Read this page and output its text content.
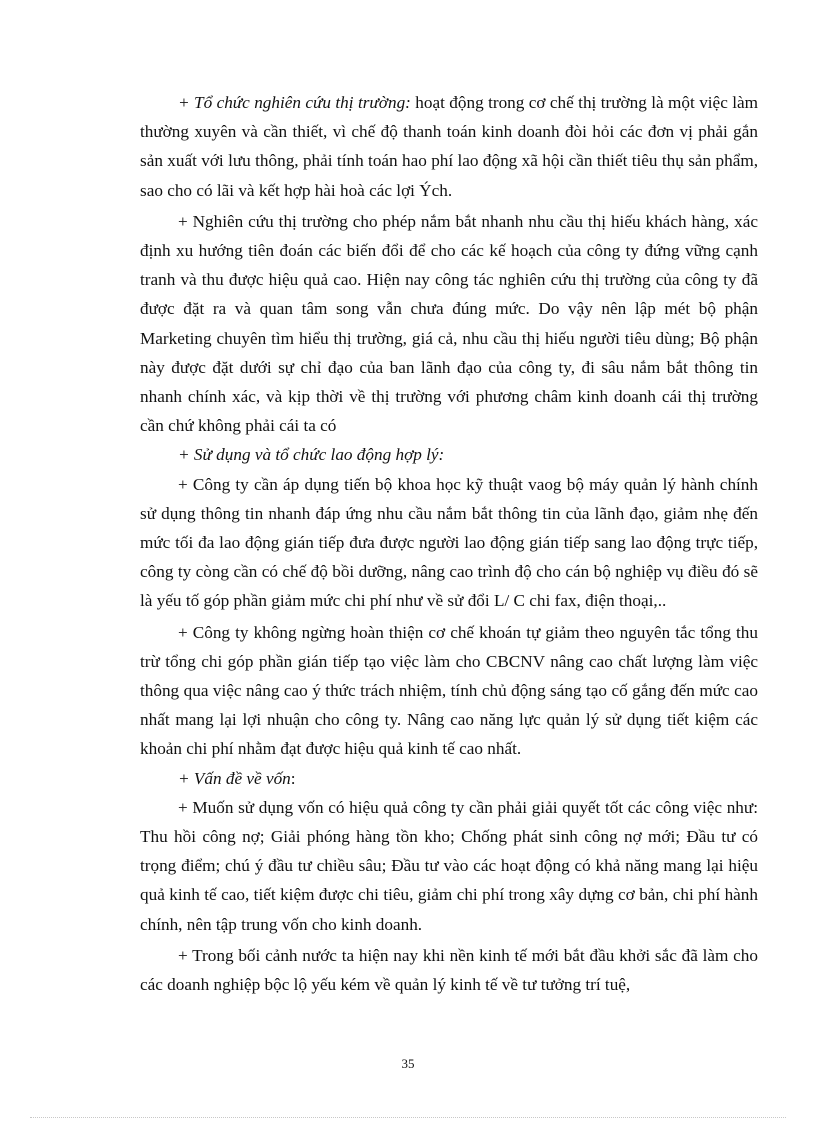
+ Tổ chức nghiên cứu thị trường: hoạt động trong cơ chế thị trường là một việc làm thường xuyên và cần thiết, vì chế độ thanh toán kinh doanh đòi hỏi các đơn vị phải gắn sản xuất với lưu thông, phải tính toán hao phí lao động xã hội cần thiết tiêu thụ sản phẩm, sao cho có lãi và kết hợp hài hoà các lợi Ých.

+ Nghiên cứu thị trường cho phép nắm bắt nhanh nhu cầu thị hiếu khách hàng, xác định xu hướng tiên đoán các biến đổi để cho các kế hoạch của công ty đứng vững cạnh tranh và thu được hiệu quả cao. Hiện nay công tác nghiên cứu thị trường của công ty đã được đặt ra và quan tâm song vẫn chưa đúng mức. Do vậy nên lập mét bộ phận Marketing chuyên tìm hiểu thị trường, giá cả, nhu cầu thị hiếu người tiêu dùng; Bộ phận này được đặt dưới sự chỉ đạo của ban lãnh đạo của công ty, đi sâu nắm bắt thông tin nhanh chính xác, và kịp thời về thị trường với phương châm kinh doanh cái thị trường cần chứ không phải cái ta có

+ Sử dụng và tổ chức lao động hợp lý:

+ Công ty cần áp dụng tiến bộ khoa học kỹ thuật vaog bộ máy quản lý hành chính sử dụng thông tin nhanh đáp ứng nhu cầu nắm bắt thông tin của lãnh đạo, giảm nhẹ đến mức tối đa lao động gián tiếp đưa được người lao động gián tiếp sang lao động trực tiếp, công ty còng cần có chế độ bồi dưỡng, nâng cao trình độ cho cán bộ nghiệp vụ điều đó sẽ là yếu tố góp phần giảm mức chi phí như về sử đổi L/ C chi fax, điện thoại,..

+ Công ty không ngừng hoàn thiện cơ chế khoán tự giảm theo nguyên tắc tổng thu trừ tổng chi góp phần gián tiếp tạo việc làm cho CBCNV nâng cao chất lượng làm việc thông qua việc nâng cao ý thức trách nhiệm, tính chủ động sáng tạo cố gắng đến mức cao nhất mang lại lợi nhuận cho công ty. Nâng cao năng lực quản lý sử dụng tiết kiệm các khoản chi phí nhằm đạt được hiệu quả kinh tế cao nhất.

+ Vấn đề về vốn:

+ Muốn sử dụng vốn có hiệu quả công ty cần phải giải quyết tốt các công việc như: Thu hồi công nợ; Giải phóng hàng tồn kho; Chống phát sinh công nợ mới; Đầu tư có trọng điểm; chú ý đầu tư chiều sâu; Đầu tư vào các hoạt động có khả năng mang lại hiệu quả kinh tế cao, tiết kiệm được chi tiêu, giảm chi phí trong xây dựng cơ bản, chi phí hành chính, nên tập trung vốn cho kinh doanh.

+ Trong bối cảnh nước ta hiện nay khi nền kinh tế mới bắt đầu khởi sắc đã làm cho các doanh nghiệp bộc lộ yếu kém về quản lý kinh tế về tư tưởng trí tuệ,

35
